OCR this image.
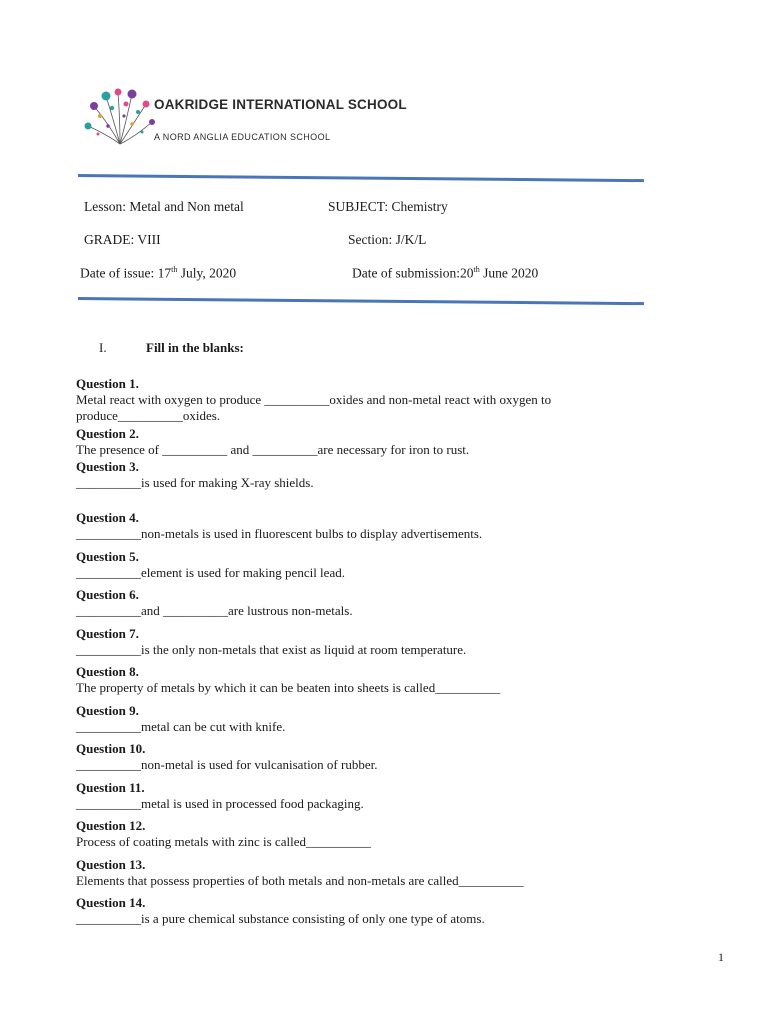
OAKRIDGE INTERNATIONAL SCHOOL
A NORD ANGLIA EDUCATION SCHOOL
Lesson: Metal and Non metal	SUBJECT: Chemistry
GRADE: VIII	Section: J/K/L
Date of issue: 17th July, 2020	Date of submission:20th June 2020
I.	Fill in the blanks:
Question 1.
Metal react with oxygen to produce __________oxides and non-metal react with oxygen to produce__________oxides.
Question 2.
The presence of __________ and __________are necessary for iron to rust.
Question 3.
__________is used for making X-ray shields.
Question 4.
__________non-metals is used in fluorescent bulbs to display advertisements.
Question 5.
__________element is used for making pencil lead.
Question 6.
__________and __________are lustrous non-metals.
Question 7.
__________is the only non-metals that exist as liquid at room temperature.
Question 8.
The property of metals by which it can be beaten into sheets is called__________
Question 9.
__________metal can be cut with knife.
Question 10.
__________non-metal is used for vulcanisation of rubber.
Question 11.
__________metal is used in processed food packaging.
Question 12.
Process of coating metals with zinc is called__________
Question 13.
Elements that possess properties of both metals and non-metals are called__________
Question 14.
__________is a pure chemical substance consisting of only one type of atoms.
1
